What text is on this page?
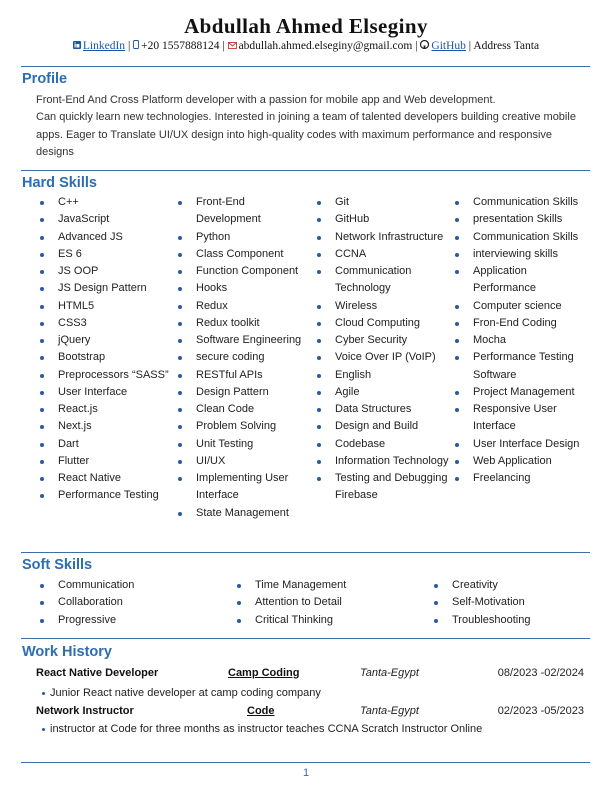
Abdullah Ahmed Elseginy
LinkedIn | +20 1557888124 | abdullah.ahmed.elseginy@gmail.com | GitHub | Address Tanta
Profile
Front-End And Cross Platform developer with a passion for mobile app and Web development.
Can quickly learn new technologies. Interested in joining a team of talented developers building creative mobile apps. Eager to Translate UI/UX design into high-quality codes with maximum performance and responsive designs
Hard Skills
C++
JavaScript
Advanced JS
ES 6
JS OOP
JS Design Pattern
HTML5
CSS3
jQuery
Bootstrap
Preprocessors “SASS”
User Interface
React.js
Next.js
Dart
Flutter
React Native
Performance Testing
Front-End Development
Python
Class Component
Function Component
Hooks
Redux
Redux toolkit
Software Engineering
secure coding
RESTful APIs
Design Pattern
Clean Code
Problem Solving
Unit Testing
UI/UX
Implementing User Interface
State Management
Git
GitHub
Network Infrastructure
CCNA
Communication Technology
Wireless
Cloud Computing
Cyber Security
Voice Over IP (VoIP)
English
Agile
Data Structures
Design and Build
Codebase
Information Technology
Testing and Debugging Firebase
Communication Skills
presentation Skills
Communication Skills
interviewing skills
Application Performance
Computer science
Fron-End Coding
Mocha
Performance Testing Software
Project Management
Responsive User Interface
User Interface Design
Web Application
Freelancing
Soft Skills
Communication
Collaboration
Progressive
Time Management
Attention to Detail
Critical Thinking
Creativity
Self-Motivation
Troubleshooting
Work History
React Native Developer	Camp Coding	Tanta-Egypt	08/2023 -02/2024
Junior React native developer at camp coding company
Network Instructor	Code	Tanta-Egypt	02/2023 -05/2023
instructor at Code for three months as instructor teaches CCNA Scratch Instructor Online
1
